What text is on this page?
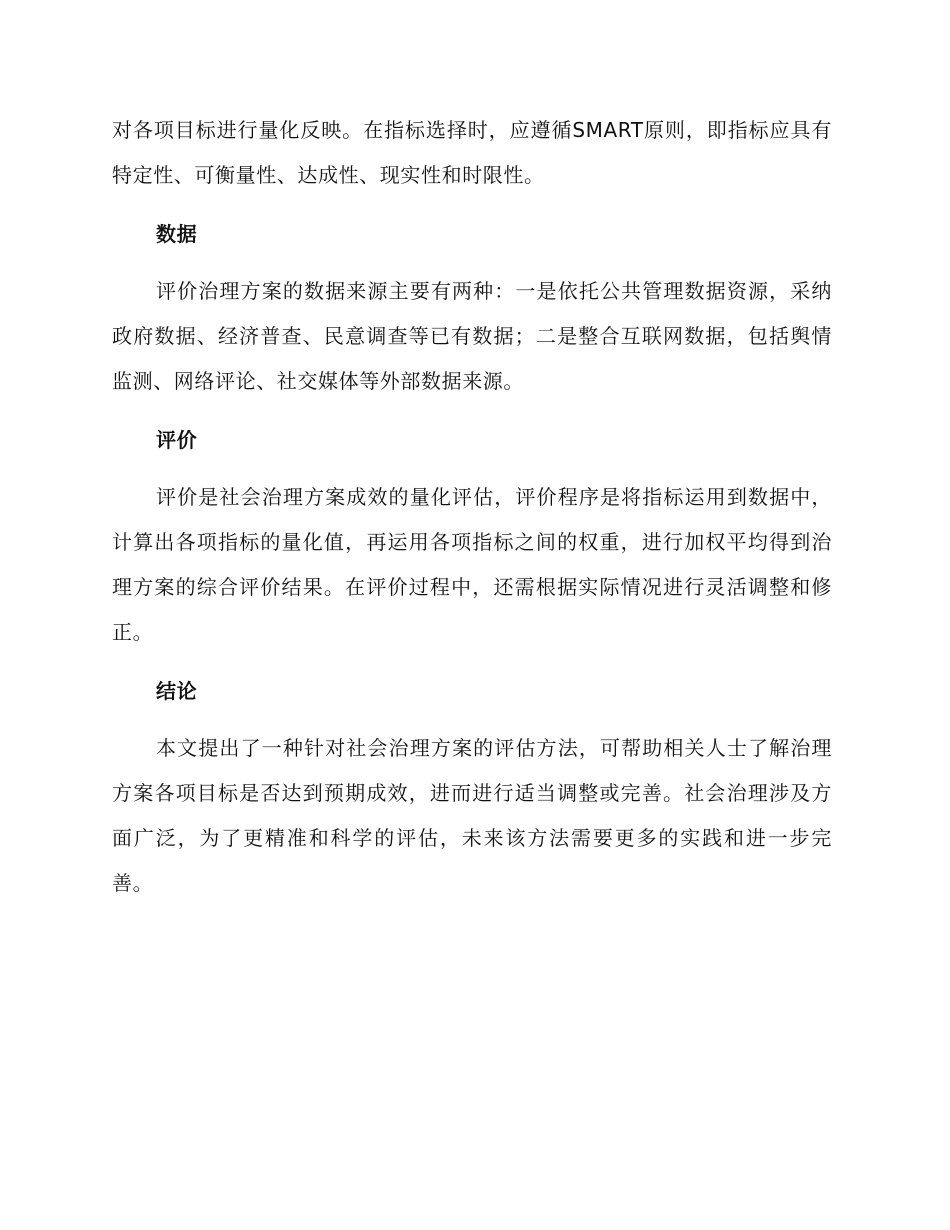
对各项目标进行量化反映。在指标选择时，应遵循SMART原则，即指标应具有特定性、可衡量性、达成性、现实性和时限性。

数据

评价治理方案的数据来源主要有两种：一是依托公共管理数据资源，采纳政府数据、经济普查、民意调查等已有数据；二是整合互联网数据，包括舆情监测、网络评论、社交媒体等外部数据来源。

评价

评价是社会治理方案成效的量化评估，评价程序是将指标运用到数据中，计算出各项指标的量化值，再运用各项指标之间的权重，进行加权平均得到治理方案的综合评价结果。在评价过程中，还需根据实际情况进行灵活调整和修正。

结论

本文提出了一种针对社会治理方案的评估方法，可帮助相关人士了解治理方案各项目标是否达到预期成效，进而进行适当调整或完善。社会治理涉及方面广泛，为了更精准和科学的评估，未来该方法需要更多的实践和进一步完善。
